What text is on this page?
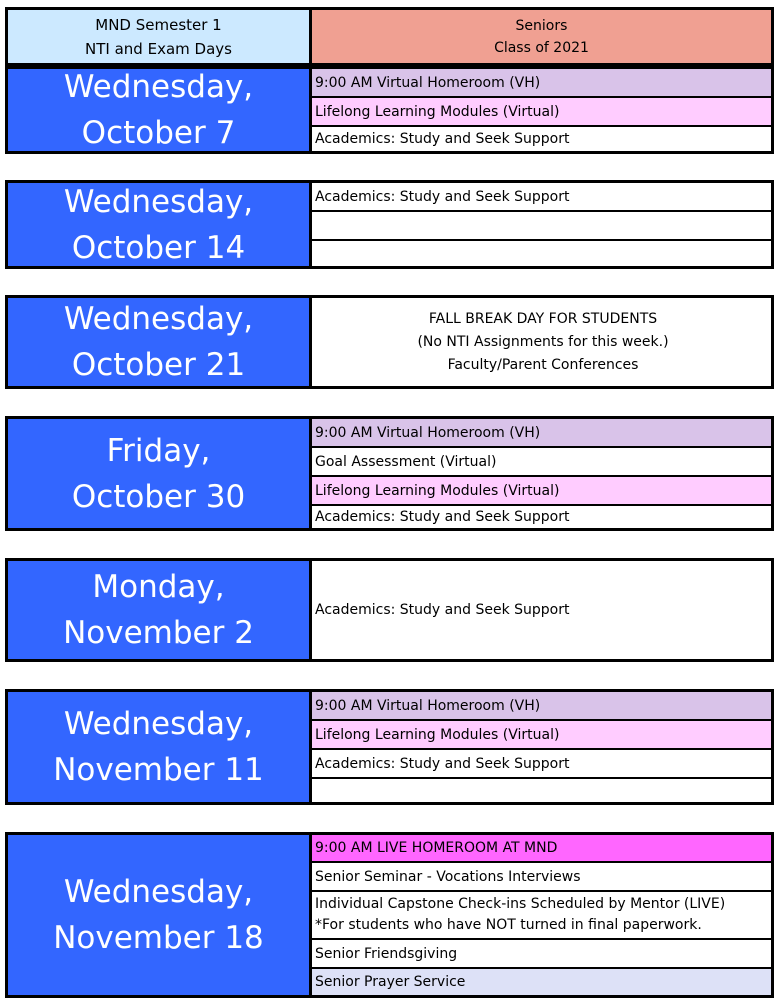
MND Semester 1
NTI and Exam Days
Seniors
Class of 2021
Wednesday,
October 7
9:00 AM Virtual Homeroom (VH)
Lifelong Learning Modules (Virtual)
Academics: Study and Seek Support
Wednesday,
October 14
Academics: Study and Seek Support
Wednesday,
October 21
FALL BREAK DAY FOR STUDENTS
(No NTI Assignments for this week.)
Faculty/Parent Conferences
Friday,
October 30
9:00 AM Virtual Homeroom (VH)
Goal Assessment (Virtual)
Lifelong Learning Modules (Virtual)
Academics: Study and Seek Support
Monday,
November 2
Academics: Study and Seek Support
Wednesday,
November 11
9:00 AM Virtual Homeroom (VH)
Lifelong Learning Modules (Virtual)
Academics: Study and Seek Support
Wednesday,
November 18
9:00 AM LIVE HOMEROOM AT MND
Senior Seminar - Vocations Interviews
Individual Capstone Check-ins Scheduled by Mentor (LIVE)
*For students who have NOT turned in final paperwork.
Senior Friendsgiving
Senior Prayer Service
